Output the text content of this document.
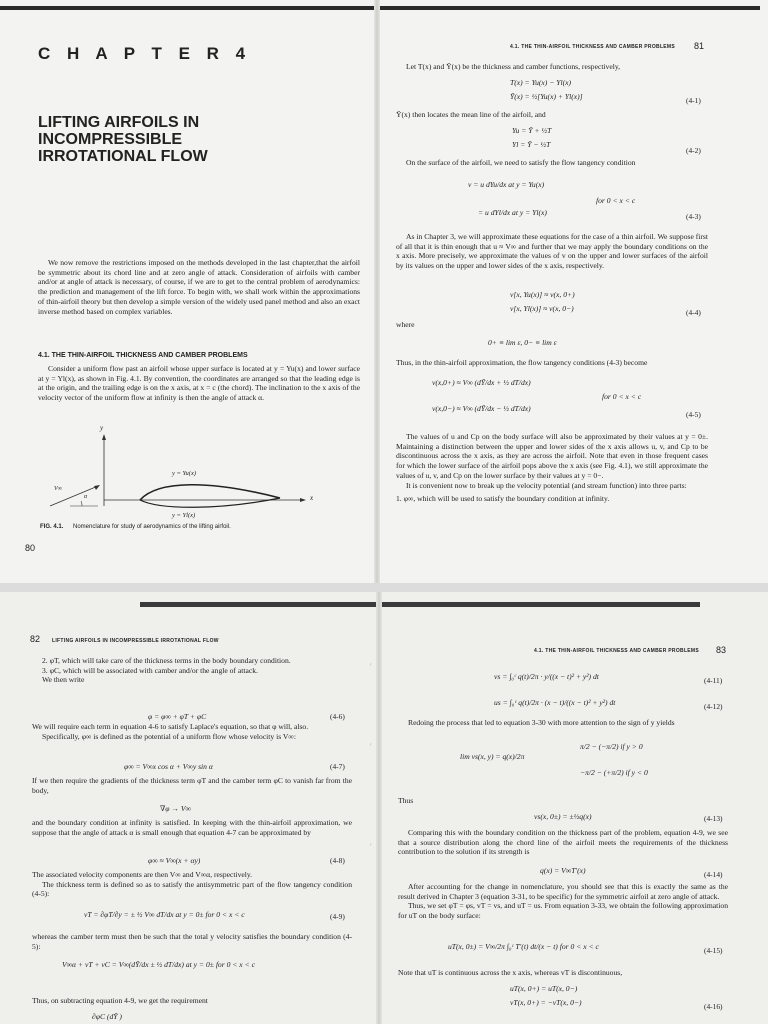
C H A P T E R 4
LIFTING AIRFOILS IN
INCOMPRESSIBLE
IRROTATIONAL FLOW

We now remove the restrictions imposed on the methods developed in the last chapter,that the airfoil be symmetric about its chord line and at zero angle of attack. Consideration of airfoils with camber and/or at angle of attack is necessary, of course, if we are to get to the central problem of aerodynamics: the prediction and management of the lift force. To begin with, we shall work within the approximations of thin-airfoil theory but then develop a simple version of the widely used panel method and also an exact inverse method based on complex variables.

4.1. THE THIN-AIRFOIL THICKNESS AND CAMBER PROBLEMS

Consider a uniform flow past an airfoil whose upper surface is located at y = Yu(x) and lower surface at y = Yl(x), as shown in Fig. 4.1. By convention, the coordinates are arranged so that the leading edge is at the origin, and the trailing edge is on the x axis, at x = c (the chord). The inclination to the x axis of the velocity vector of the uniform flow at infinity is then the angle of attack α.

y
x
y = Yu(x)
y = Yl(x)
V∞
α
FIG. 4.1. Nomenclature for study of aerodynamics of the lifting airfoil.
80
4.1. THE THIN-AIRFOIL THICKNESS AND CAMBER PROBLEMS 81

Let T(x) and Ȳ(x) be the thickness and camber functions, respectively,

T(x) = Yu(x) − Yl(x)
Ȳ(x) = ½[Yu(x) + Yl(x)]	(4-1)

Ȳ(x) then locates the mean line of the airfoil, and

Yu = Ȳ + ½T
Yl = Ȳ − ½T
(4-2)

On the surface of the airfoil, we need to satisfy the flow tangency condition

v = u dYu/dx at y = Yu(x)
= u dYl/dx at y = Yl(x)
for 0 < x < c
(4-3)

As in Chapter 3, we will approximate these equations for the case of a thin airfoil. We suppose first of all that it is thin enough that u ≈ V∞ and further that we may apply the boundary conditions on the x axis. More precisely, we approximate the values of v on the upper and lower surfaces of the airfoil by its values on the upper and lower sides of the x axis, respectively.

v[x, Yu(x)] ≈ v(x, 0+)
v[x, Yl(x)] ≈ v(x, 0−)	(4-4)

where

0+ ≡ lim ε, 0− ≡ lim ε

Thus, in the thin-airfoil approximation, the flow tangency conditions (4-3) become

v(x,0+) ≈ V∞ (dȲ/dx + ½ dT/dx)
v(x,0−) ≈ V∞ (dȲ/dx − ½ dT/dx)
for 0 < x < c
(4-5)

The values of u and Cp on the body surface will also be approximated by their values at y = 0±. Maintaining a distinction between the upper and lower sides of the x axis allows u, v, and Cp to be discontinuous across the x axis, as they are across the airfoil. Note that even in those frequent cases for which the lower surface of the airfoil pops above the x axis (see Fig. 4.1), we still approximate the values of u, v, and Cp on the lower surface by their values at y = 0−.

It is convenient now to break up the velocity potential (and stream function) into three parts:

1. φ∞, which will be used to satisfy the boundary condition at infinity.

'
'
'
82 LIFTING AIRFOILS IN INCOMPRESSIBLE IRROTATIONAL FLOW

2. φT, which will take care of the thickness terms in the body boundary condition.

3. φC, which will be associated with camber and/or the angle of attack.

We then write

φ = φ∞ + φT + φC	(4-6)

We will require each term in equation 4-6 to satisfy Laplace's equation, so that φ will, also.

Specifically, φ∞ is defined as the potential of a uniform flow whose velocity is V∞:

φ∞ = V∞x cos α + V∞y sin α	(4-7)

If we then require the gradients of the thickness term φT and the camber term φC to vanish far from the body,

∇φ → V∞

and the boundary condition at infinity is satisfied. In keeping with the thin-airfoil approximation, we suppose that the angle of attack α is small enough that equation 4-7 can be approximated by

φ∞ ≈ V∞(x + αy)	(4-8)

The associated velocity components are then V∞ and V∞α, respectively.

The thickness term is defined so as to satisfy the antisymmetric part of the flow tangency condition (4-5):

vT = ∂φT/∂y = ± ½ V∞ dT/dx at y = 0± for 0 < x < c	(4-9)

whereas the camber term must then be such that the total y velocity satisfies the boundary condition (4-5):

V∞α + vT + vC = V∞(dȲ/dx ± ½ dT/dx) at y = 0± for 0 < x < c

Thus, on subtracting equation 4-9, we get the requirement

∂φC (dȲ )
4.1. THE THIN-AIRFOIL THICKNESS AND CAMBER PROBLEMS 83
vs = ∫₀ᶜ q(t)/2π · y/((x − t)² + y²) dt	(4-11)
us = ∫₀ᶜ q(t)/2π · (x − t)/((x − t)² + y²) dt	(4-12)

Redoing the process that led to equation 3-30 with more attention to the sign of y yields

lim vs(x, y) = q(x)/2π
π/2 − (−π/2) if y > 0
−π/2 − (+π/2) if y < 0

Thus

vs(x, 0±) = ±½q(x)	(4-13)

Comparing this with the boundary condition on the thickness part of the problem, equation 4-9, we see that a source distribution along the chord line of the airfoil meets the requirements of the thickness contribution to the solution if its strength is

q(x) = V∞T′(x)	(4-14)

After accounting for the change in nomenclature, you should see that this is exactly the same as the result derived in Chapter 3 (equation 3-31, to be specific) for the symmetric airfoil at zero angle of attack.

Thus, we set φT = φs, vT = vs, and uT = us. From equation 3-33, we obtain the following approximation for uT on the body surface:

uT(x, 0±) = V∞/2π ∫₀ᶜ T′(t) dt/(x − t) for 0 < x < c	(4-15)

Note that uT is continuous across the x axis, whereas vT is discontinuous,

uT(x, 0+) = uT(x, 0−)
vT(x, 0+) = −vT(x, 0−)	(4-16)
